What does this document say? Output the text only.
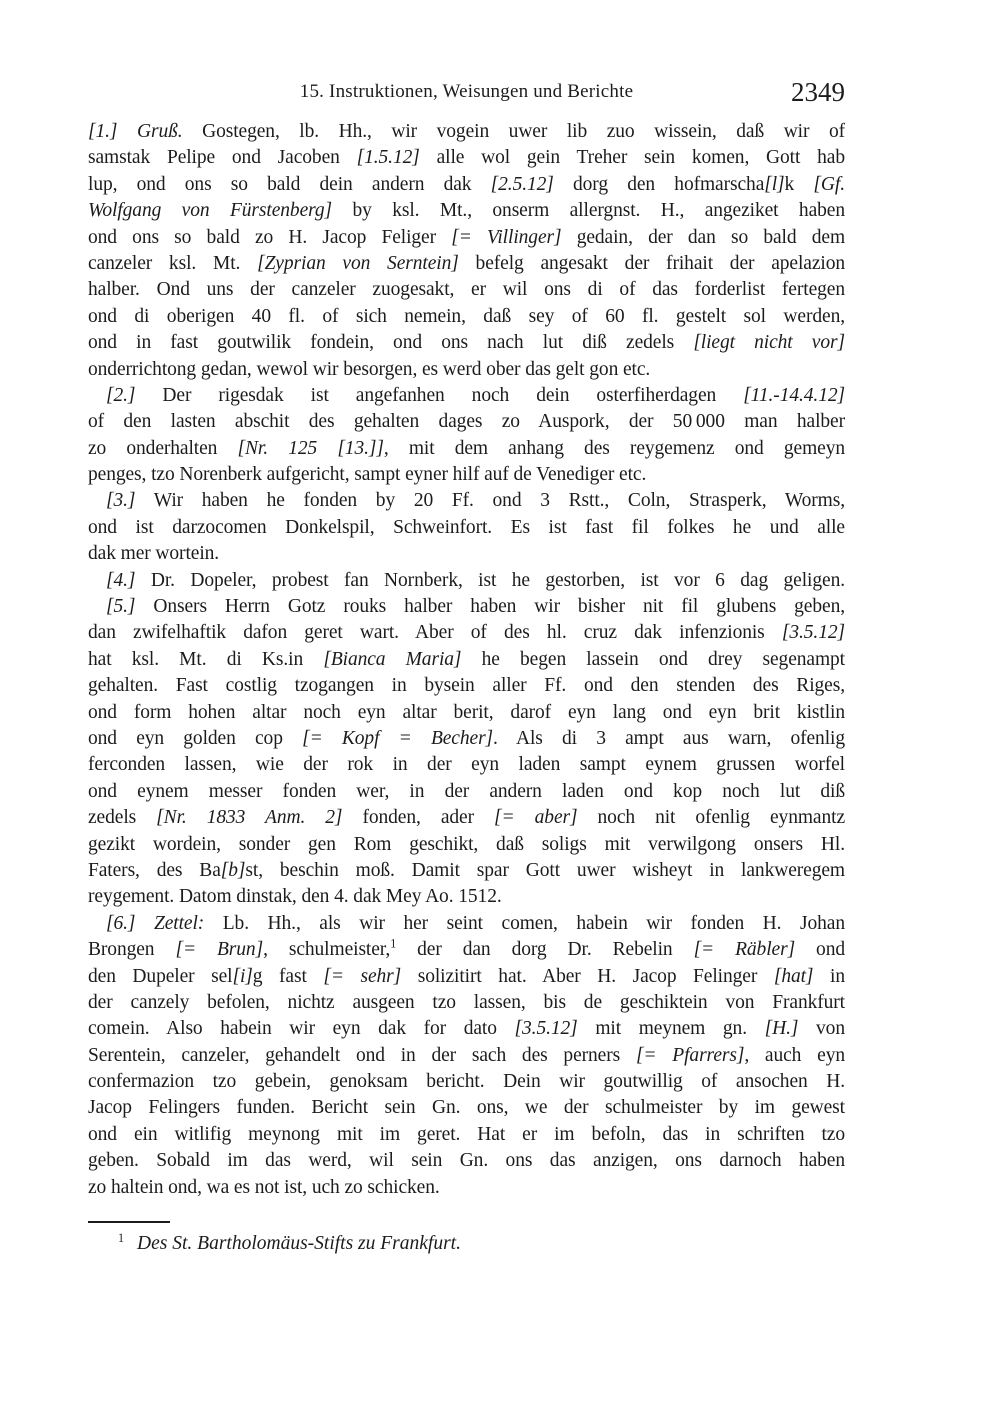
15. Instruktionen, Weisungen und Berichte	2349
[1.] Gruß. Gostegen, lb. Hh., wir vogein uwer lib zuo wissein, daß wir of
samstak Pelipe ond Jacoben [1.5.12] alle wol gein Treher sein komen, Gott hab
lup, ond ons so bald dein andern dak [2.5.12] dorg den hofmarscha[l]k [Gf.
Wolfgang von Fürstenberg] by ksl. Mt., onserm allergnst. H., angeziket haben
ond ons so bald zo H. Jacop Feliger [= Villinger] gedain, der dan so bald dem
canzeler ksl. Mt. [Zyprian von Serntein] befelg angesakt der frihait der apelazion
halber. Ond uns der canzeler zuogesakt, er wil ons di of das forderlist fertegen
ond di oberigen 40 fl. of sich nemein, daß sey of 60 fl. gestelt sol werden,
ond in fast goutwilik fondein, ond ons nach lut diß zedels [liegt nicht vor]
onderrichtong gedan, wewol wir besorgen, es werd ober das gelt gon etc.
[2.] Der rigesdak ist angefanhen noch dein osterfiherdagen [11.-14.4.12]
of den lasten abschit des gehalten dages zo Auspork, der 50 000 man halber
zo onderhalten [Nr. 125 [13.]], mit dem anhang des reygemenz ond gemeyn
penges, tzo Norenberk aufgericht, sampt eyner hilf auf de Venediger etc.
[3.] Wir haben he fonden by 20 Ff. ond 3 Rstt., Coln, Strasperk, Worms,
ond ist darzocomen Donkelspil, Schweinfort. Es ist fast fil folkes he und alle
dak mer wortein.
[4.] Dr. Dopeler, probest fan Nornberk, ist he gestorben, ist vor 6 dag geligen.
[5.] Onsers Herrn Gotz rouks halber haben wir bisher nit fil glubens geben,
dan zwifelhaftik dafon geret wart. Aber of des hl. cruz dak infenzionis [3.5.12]
hat ksl. Mt. di Ks.in [Bianca Maria] he begen lassein ond drey segenampt
gehalten. Fast costlig tzogangen in bysein aller Ff. ond den stenden des Riges,
ond form hohen altar noch eyn altar berit, darof eyn lang ond eyn brit kistlin
ond eyn golden cop [= Kopf = Becher]. Als di 3 ampt aus warn, ofenlig
ferconden lassen, wie der rok in der eyn laden sampt eynem grussen worfel
ond eynem messer fonden wer, in der andern laden ond kop noch lut diß
zedels [Nr. 1833 Anm. 2] fonden, ader [= aber] noch nit ofenlig eynmantz
gezikt wordein, sonder gen Rom geschikt, daß soligs mit verwilgong onsers Hl.
Faters, des Ba[b]st, beschin moß. Damit spar Gott uwer wisheyt in lankweregem
reygement. Datom dinstak, den 4. dak Mey Ao. 1512.
[6.] Zettel: Lb. Hh., als wir her seint comen, habein wir fonden H. Johan
Brongen [= Brun], schulmeister,$^1$ der dan dorg Dr. Rebelin [= Räbler] ond
den Dupeler sel[i]g fast [= sehr] solizitirt hat. Aber H. Jacop Felinger [hat] in
der canzely befolen, nichtz ausgeen tzo lassen, bis de geschiktein von Frankfurt
comein. Also habein wir eyn dak for dato [3.5.12] mit meynem gn. [H.] von
Serentein, canzeler, gehandelt ond in der sach des perners [= Pfarrers], auch eyn
confermazion tzo gebein, genoksam bericht. Dein wir goutwillig of ansochen H.
Jacop Felingers funden. Bericht sein Gn. ons, we der schulmeister by im gewest
ond ein witlifig meynong mit im geret. Hat er im befoln, das in schriften tzo
geben. Sobald im das werd, wil sein Gn. ons das anzigen, ons darnoch haben
zo haltein ond, wa es not ist, uch zo schicken.
$^1$ Des St. Bartholomäus-Stifts zu Frankfurt.
